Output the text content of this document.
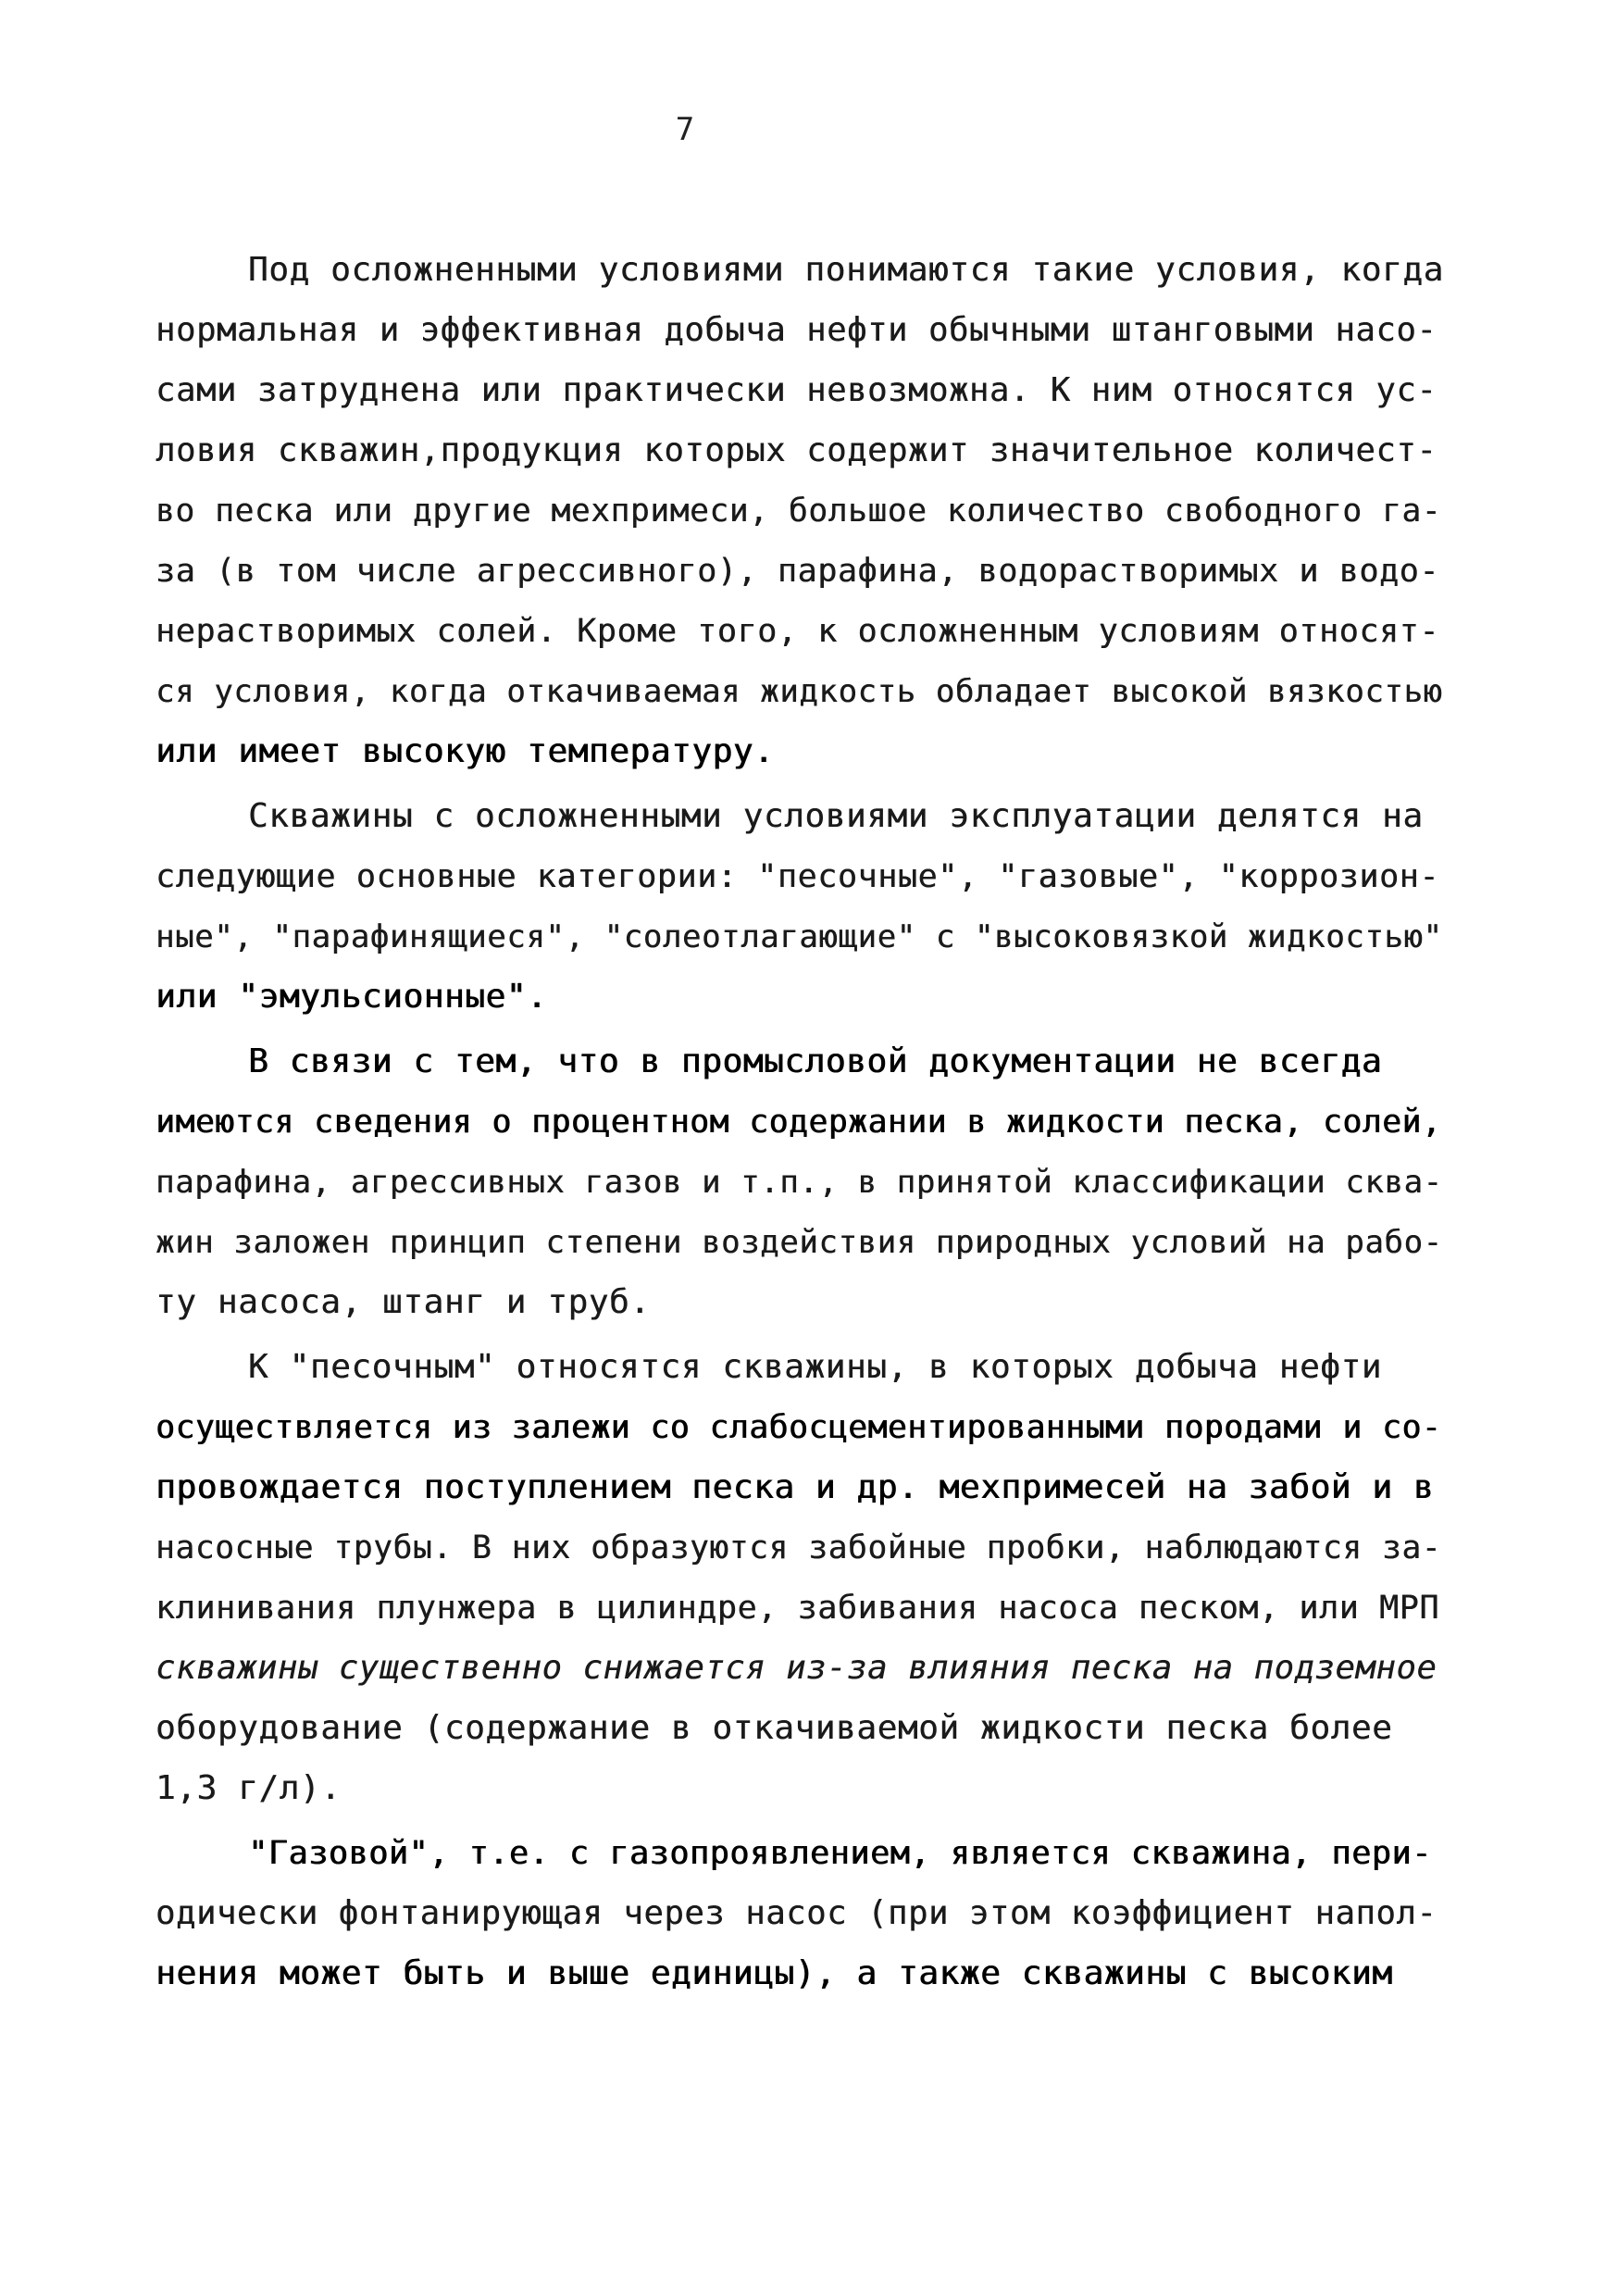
7
Под осложненными условиями понимаются такие условия, когда
нормальная и эффективная добыча нефти обычными штанговыми насо-
сами затруднена или практически невозможна. К ним относятся ус-
ловия скважин,продукция которых содержит значительное количест-
во песка или другие мехпримеси, большое количество свободного га-
за (в том числе агрессивного), парафина, водорастворимых и водо-
нерастворимых солей. Кроме того, к осложненным условиям относят-
ся условия, когда откачиваемая жидкость обладает высокой вязкостью
или имеет высокую температуру.
Скважины с осложненными условиями эксплуатации делятся на
следующие основные категории: "песочные", "газовые", "коррозион-
ные", "парафинящиеся", "солеотлагающие" с "высоковязкой жидкостью"
или "эмульсионные".
В связи с тем, что в промысловой документации не всегда
имеются сведения о процентном содержании в жидкости песка, солей,
парафина, агрессивных газов и т.п., в принятой классификации сква-
жин заложен принцип степени воздействия природных условий на рабо-
ту насоса, штанг и труб.
К "песочным" относятся скважины, в которых добыча нефти
осуществляется из залежи со слабосцементированными породами и со-
провождается поступлением песка и др. мехпримесей на забой и в
насосные трубы. В них образуются забойные пробки, наблюдаются за-
клинивания плунжера в цилиндре, забивания насоса песком, или МРП
скважины существенно снижается из-за влияния песка на подземное
оборудование (содержание в откачиваемой жидкости песка более
1,3 г/л).
"Газовой", т.е. с газопроявлением, является скважина, пери-
одически фонтанирующая через насос (при этом коэффициент напол-
нения может быть и выше единицы), а также скважины с высоким
